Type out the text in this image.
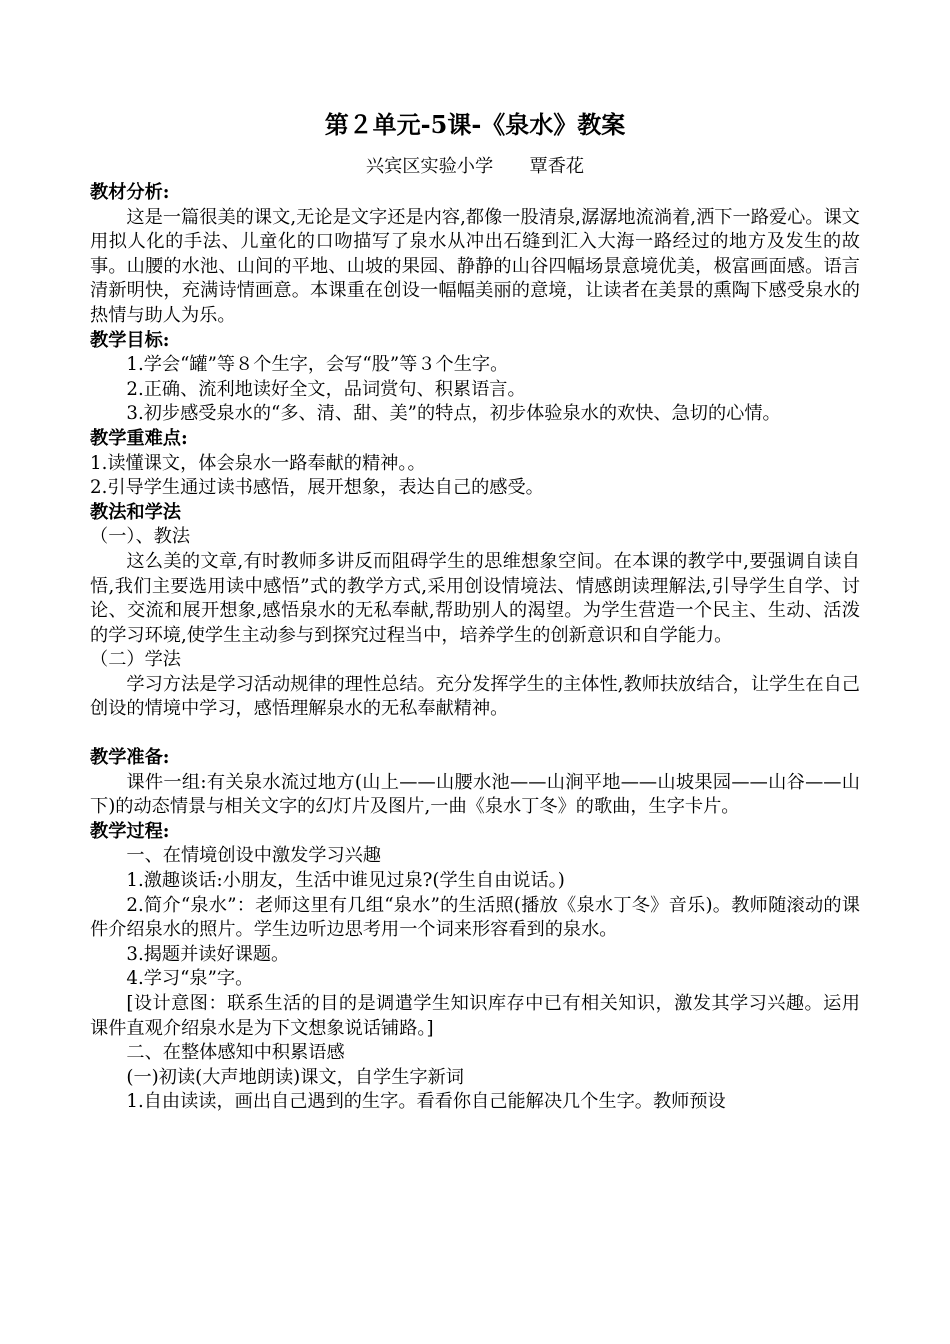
第２单元-5课-《泉水》教案
兴宾区实验小学　　覃香花
教材分析:

这是一篇很美的课文,无论是文字还是内容,都像一股清泉,潺潺地流淌着,洒下一路爱心。课文用拟人化的手法、儿童化的口吻描写了泉水从冲出石缝到汇入大海一路经过的地方及发生的故事。山腰的水池、山间的平地、山坡的果园、静静的山谷四幅场景意境优美，极富画面感。语言清新明快，充满诗情画意。本课重在创设一幅幅美丽的意境，让读者在美景的熏陶下感受泉水的热情与助人为乐。

教学目标:

1.学会“罐”等８个生字，会写“股”等３个生字。

2.正确、流利地读好全文，品词赏句、积累语言。

3.初步感受泉水的“多、清、甜、美”的特点，初步体验泉水的欢快、急切的心情。

教学重难点:

1.读懂课文，体会泉水一路奉献的精神。。

2.引导学生通过读书感悟，展开想象，表达自己的感受。

教法和学法

（一）、教法

这么美的文章,有时教师多讲反而阻碍学生的思维想象空间。在本课的教学中,要强调自读自悟,我们主要选用读中感悟”式的教学方式,采用创设情境法、情感朗读理解法,引导学生自学、讨论、交流和展开想象,感悟泉水的无私奉献,帮助别人的渴望。为学生营造一个民主、生动、活泼的学习环境,使学生主动参与到探究过程当中，培养学生的创新意识和自学能力。

（二）学法

学习方法是学习活动规律的理性总结。充分发挥学生的主体性,教师扶放结合，让学生在自己创设的情境中学习，感悟理解泉水的无私奉献精神。

教学准备:

课件一组:有关泉水流过地方(山上——山腰水池——山涧平地——山坡果园——山谷——山下)的动态情景与相关文字的幻灯片及图片,一曲《泉水丁冬》的歌曲，生字卡片。

教学过程:

一、在情境创设中激发学习兴趣

1.激趣谈话:小朋友，生活中谁见过泉?(学生自由说话。)

2.简介“泉水”：老师这里有几组“泉水”的生活照(播放《泉水丁冬》音乐)。教师随滚动的课件介绍泉水的照片。学生边听边思考用一个词来形容看到的泉水。

3.揭题并读好课题。

4.学习“泉”字。

[设计意图：联系生活的目的是调遣学生知识库存中已有相关知识，激发其学习兴趣。运用课件直观介绍泉水是为下文想象说话铺路。]

二、在整体感知中积累语感

(一)初读(大声地朗读)课文，自学生字新词

1.自由读读，画出自己遇到的生字。看看你自己能解决几个生字。教师预设
